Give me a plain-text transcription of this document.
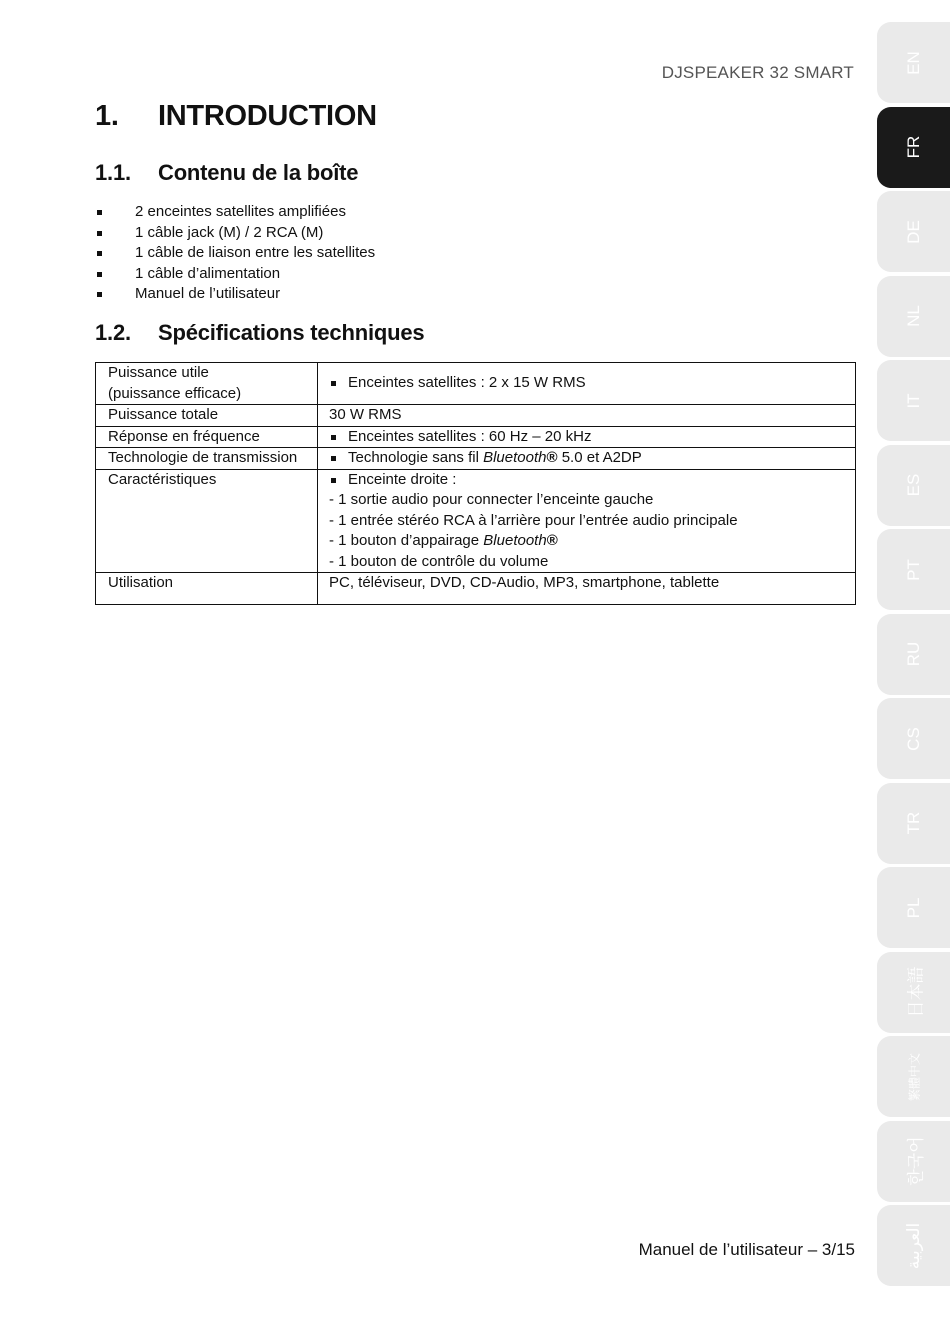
DJSPEAKER 32 SMART
1. INTRODUCTION
1.1. Contenu de la boîte
2 enceintes satellites amplifiées
1 câble jack (M) / 2 RCA (M)
1 câble de liaison entre les satellites
1 câble d’alimentation
Manuel de l’utilisateur
1.2. Spécifications techniques
Puissance utile
(puissance efficace)	Enceintes satellites : 2 x 15 W RMS

Puissance totale	30 W RMS
Réponse en fréquence	Enceintes satellites : 60 Hz – 20 kHz

Technologie de transmission	Technologie sans fil Bluetooth® 5.0 et A2DP

Caractéristiques	Enceinte droite :
- 1 sortie audio pour connecter l’enceinte gauche
- 1 entrée stéréo RCA à l’arrière pour l’entrée audio principale
- 1 bouton d’appairage Bluetooth®
- 1 bouton de contrôle du volume

Utilisation	PC, téléviseur, DVD, CD-Audio, MP3, smartphone, tablette
Manuel de l’utilisateur – 3/15
EN
FR
DE
NL
IT
ES
PT
RU
CS
TR
PL
日本語
繁體中文
한국어
العربية
